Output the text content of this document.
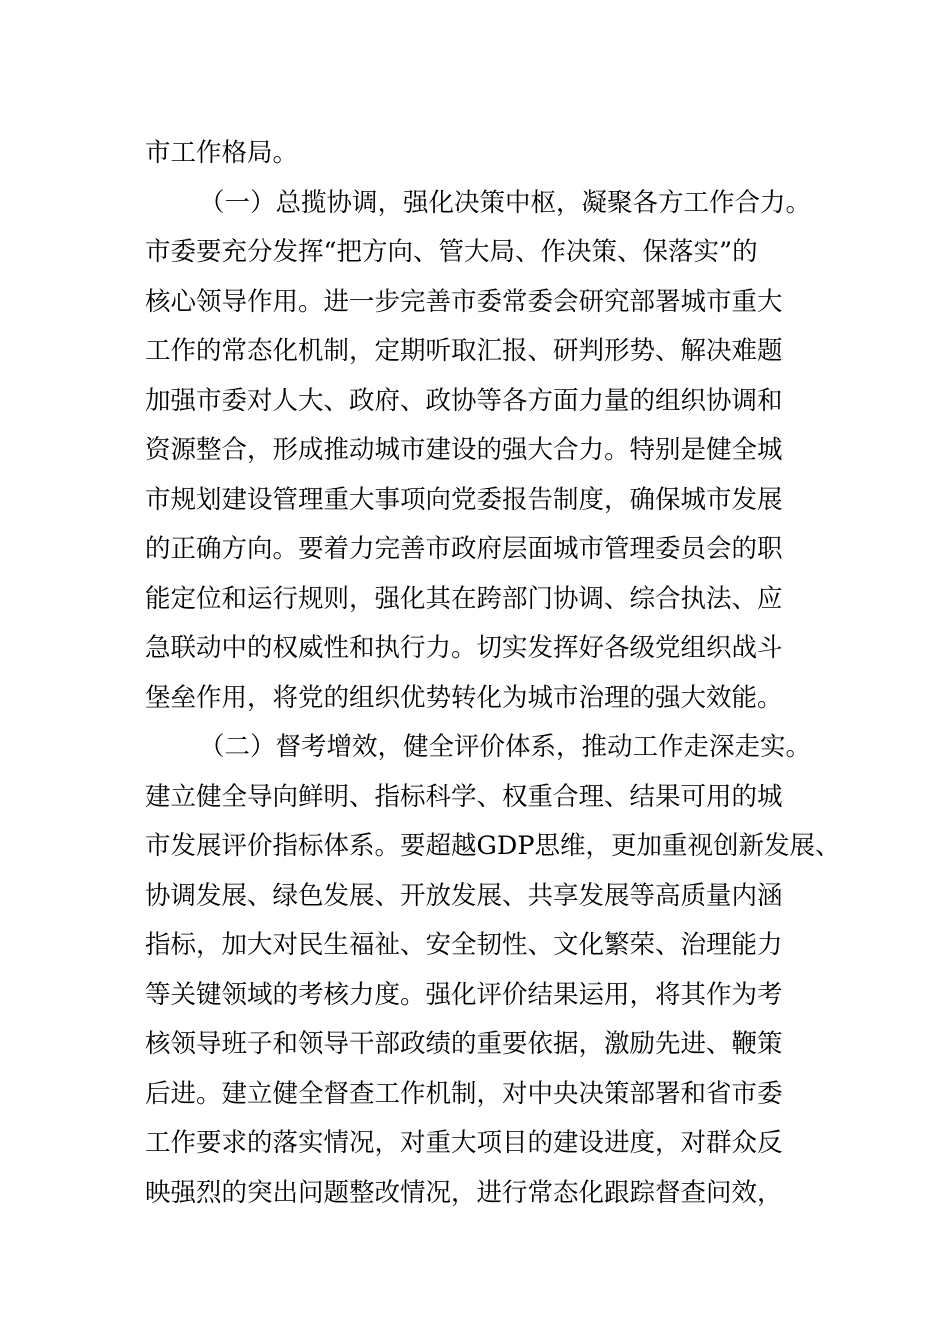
市工作格局。
（一）总揽协调，强化决策中枢，凝聚各方工作合力。
市委要充分发挥“把方向、管大局、作决策、保落实”的
核心领导作用。进一步完善市委常委会研究部署城市重大
工作的常态化机制，定期听取汇报、研判形势、解决难题
加强市委对人大、政府、政协等各方面力量的组织协调和
资源整合，形成推动城市建设的强大合力。特别是健全城
市规划建设管理重大事项向党委报告制度，确保城市发展
的正确方向。要着力完善市政府层面城市管理委员会的职
能定位和运行规则，强化其在跨部门协调、综合执法、应
急联动中的权威性和执行力。切实发挥好各级党组织战斗
堡垒作用，将党的组织优势转化为城市治理的强大效能。
（二）督考增效，健全评价体系，推动工作走深走实。
建立健全导向鲜明、指标科学、权重合理、结果可用的城
市发展评价指标体系。要超越GDP思维，更加重视创新发展、
协调发展、绿色发展、开放发展、共享发展等高质量内涵
指标，加大对民生福祉、安全韧性、文化繁荣、治理能力
等关键领域的考核力度。强化评价结果运用，将其作为考
核领导班子和领导干部政绩的重要依据，激励先进、鞭策
后进。建立健全督查工作机制，对中央决策部署和省市委
工作要求的落实情况，对重大项目的建设进度，对群众反
映强烈的突出问题整改情况，进行常态化跟踪督查问效，
